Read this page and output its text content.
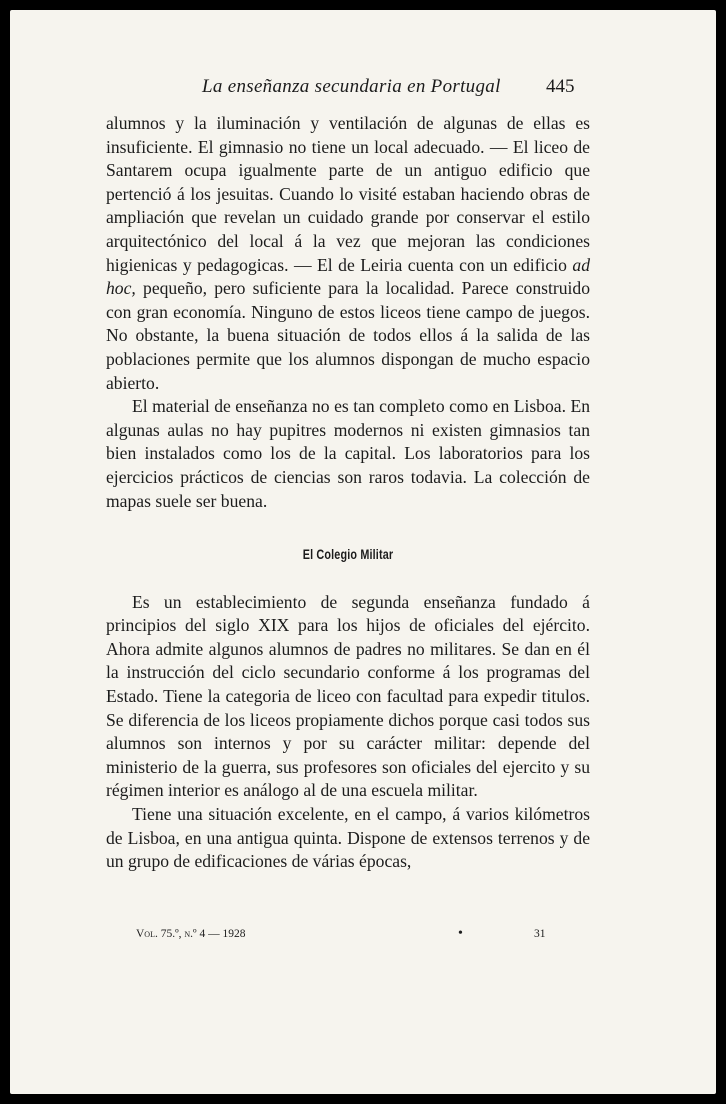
La enseñanza secundaria en Portugal 445

alumnos y la iluminación y ventilación de algunas de ellas es insuficiente. El gimnasio no tiene un local adecuado. — El liceo de Santarem ocupa igualmente parte de un antiguo edificio que pertenció á los jesuitas. Cuando lo visité estaban haciendo obras de ampliación que revelan un cuidado grande por conservar el estilo arquitectónico del local á la vez que mejoran las condiciones higienicas y pedagogicas. — El de Leiria cuenta con un edificio ad hoc, pequeño, pero suficiente para la localidad. Parece construido con gran economía. Ninguno de estos liceos tiene campo de juegos. No obstante, la buena situación de todos ellos á la salida de las poblaciones permite que los alumnos dispongan de mucho espacio abierto.

El material de enseñanza no es tan completo como en Lisboa. En algunas aulas no hay pupitres modernos ni existen gimnasios tan bien instalados como los de la capital. Los laboratorios para los ejercicios prácticos de ciencias son raros todavia. La colección de mapas suele ser buena.

El Colegio Militar

Es un establecimiento de segunda enseñanza fundado á principios del siglo XIX para los hijos de oficiales del ejército. Ahora admite algunos alumnos de padres no militares. Se dan en él la instrucción del ciclo secundario conforme á los programas del Estado. Tiene la categoria de liceo con facultad para expedir titulos. Se diferencia de los liceos propiamente dichos porque casi todos sus alumnos son internos y por su carácter militar: depende del ministerio de la guerra, sus profesores son oficiales del ejercito y su régimen interior es análogo al de una escuela militar.

Tiene una situación excelente, en el campo, á varios kilómetros de Lisboa, en una antigua quinta. Dispone de extensos terrenos y de un grupo de edificaciones de várias épocas,

Vol. 75.º, n.º 4 — 1928	•	31
